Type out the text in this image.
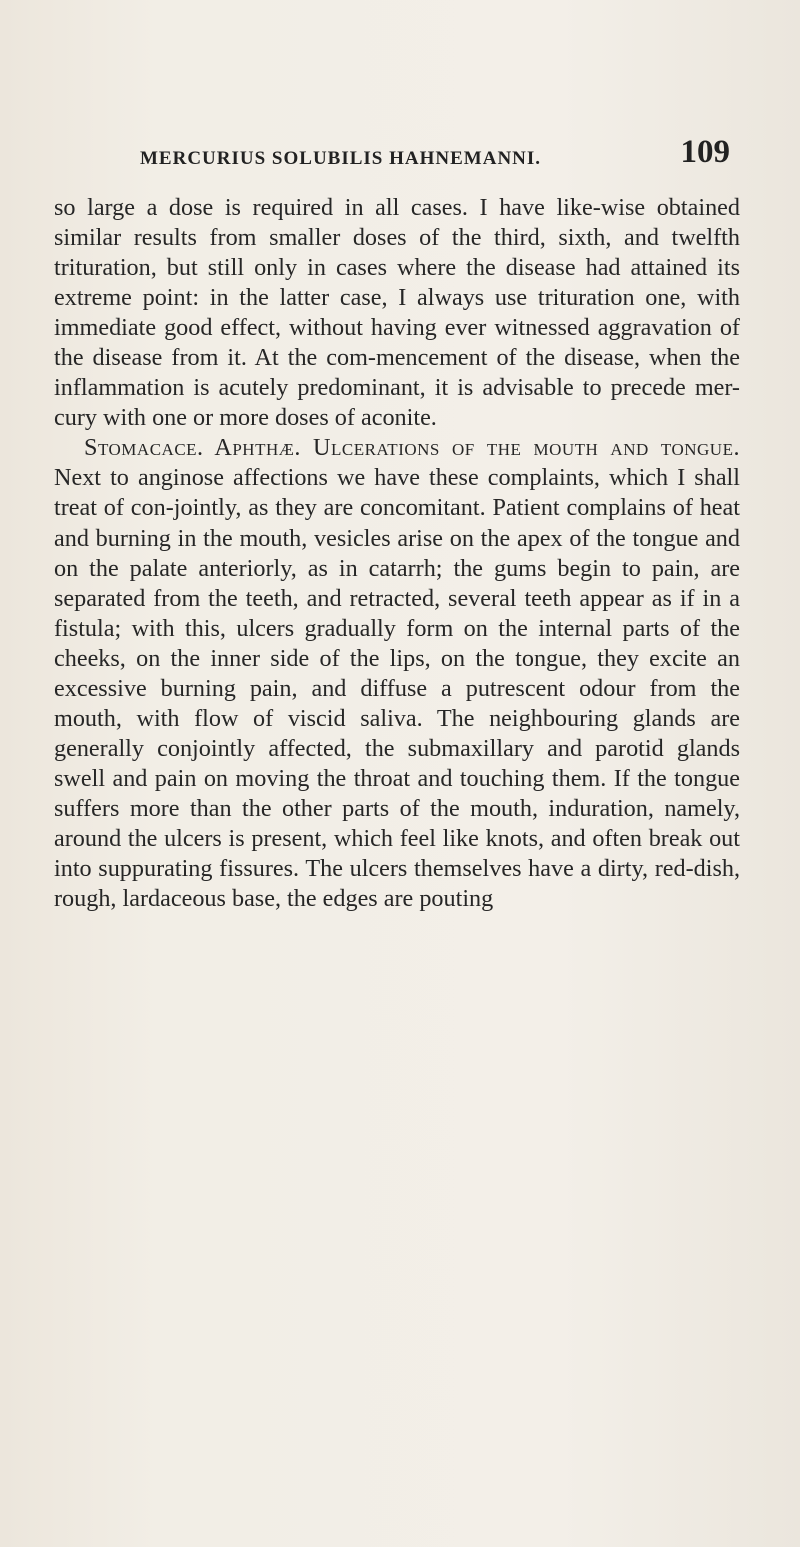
MERCURIUS SOLUBILIS HAHNEMANNI.	109

so large a dose is required in all cases. I have like-wise obtained similar results from smaller doses of the third, sixth, and twelfth trituration, but still only in cases where the disease had attained its extreme point: in the latter case, I always use trituration one, with immediate good effect, without having ever witnessed aggravation of the disease from it. At the com-mencement of the disease, when the inflammation is acutely predominant, it is advisable to precede mer-cury with one or more doses of aconite.

Stomacace. Aphthæ. Ulcerations of the mouth and tongue. Next to anginose affections we have these complaints, which I shall treat of con-jointly, as they are concomitant. Patient complains of heat and burning in the mouth, vesicles arise on the apex of the tongue and on the palate anteriorly, as in catarrh; the gums begin to pain, are separated from the teeth, and retracted, several teeth appear as if in a fistula; with this, ulcers gradually form on the internal parts of the cheeks, on the inner side of the lips, on the tongue, they excite an excessive burning pain, and diffuse a putrescent odour from the mouth, with flow of viscid saliva. The neighbouring glands are generally conjointly affected, the submaxillary and parotid glands swell and pain on moving the throat and touching them. If the tongue suffers more than the other parts of the mouth, induration, namely, around the ulcers is present, which feel like knots, and often break out into suppurating fissures. The ulcers themselves have a dirty, red-dish, rough, lardaceous base, the edges are pouting
